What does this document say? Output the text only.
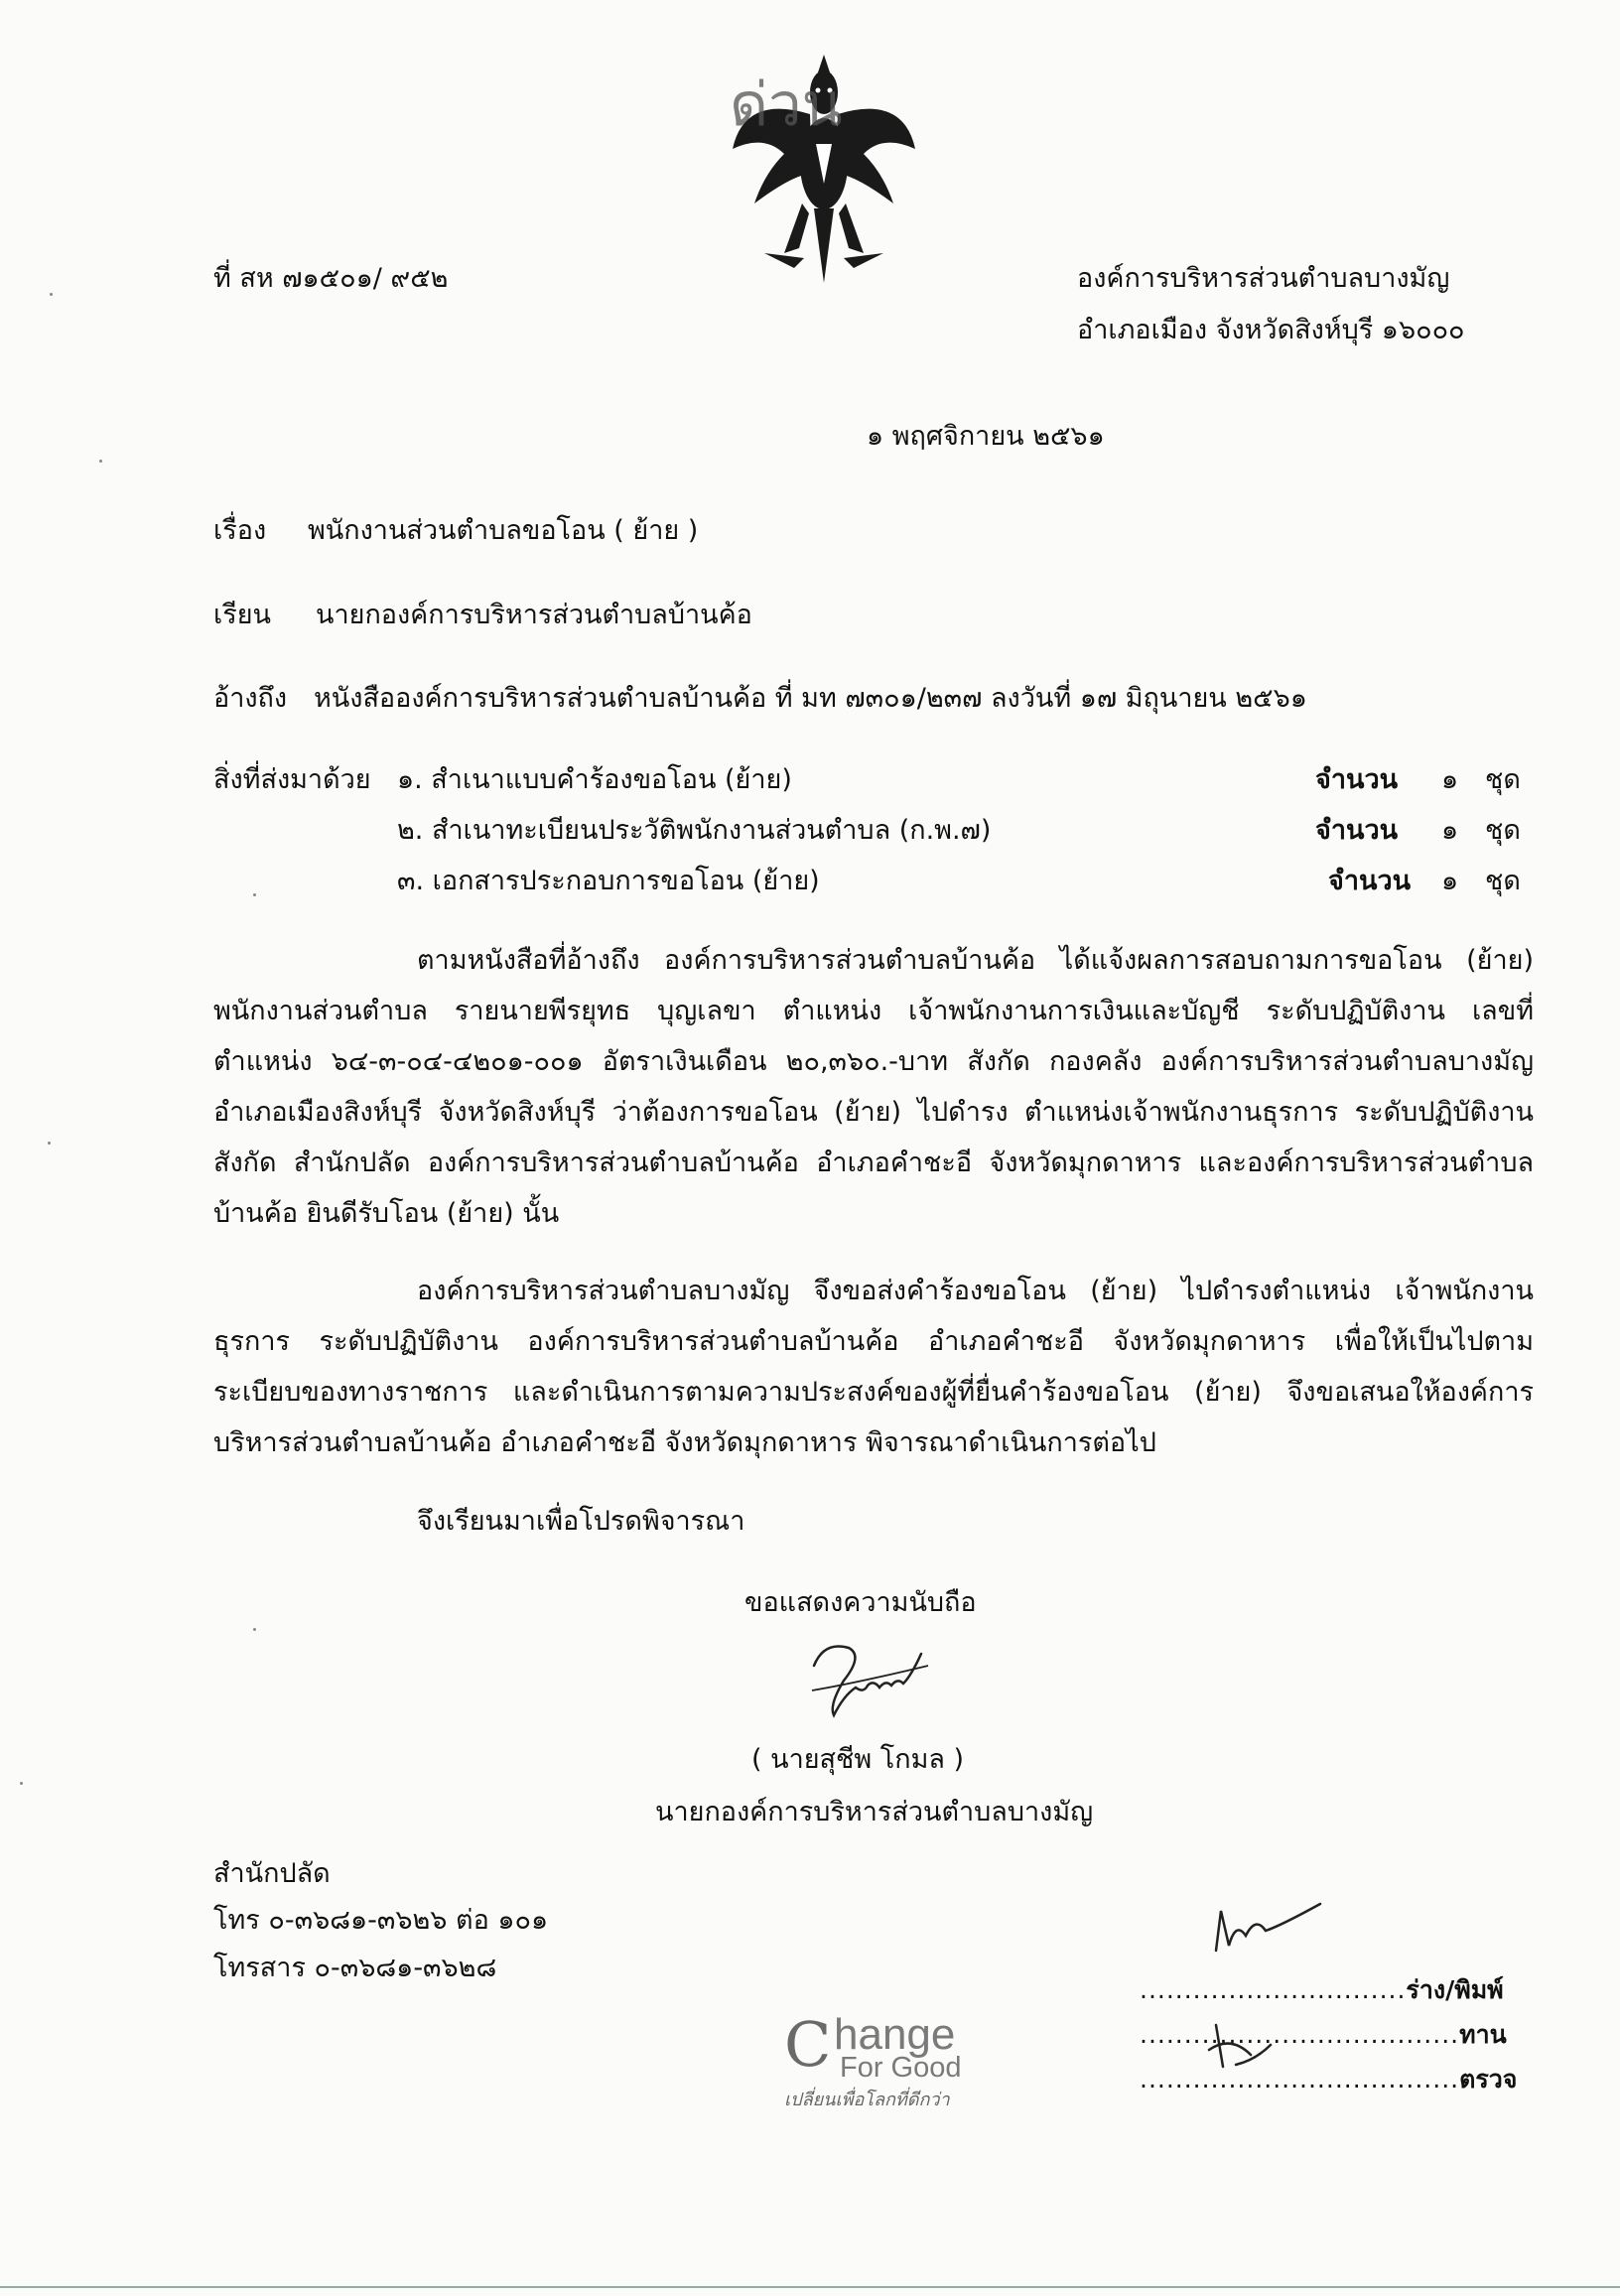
ด่วน
ที่ สห ๗๑๕๐๑/ ๙๕๒	องค์การบริหารส่วนตำบลบางมัญ
อำเภอเมือง จังหวัดสิงห์บุรี ๑๖๐๐๐
๑ พฤศจิกายน ๒๕๖๑
เรื่อง พนักงานส่วนตำบลขอโอน ( ย้าย )
เรียน นายกองค์การบริหารส่วนตำบลบ้านค้อ
อ้างถึง หนังสือองค์การบริหารส่วนตำบลบ้านค้อ ที่ มท ๗๓๐๑/๒๓๗ ลงวันที่ ๑๗ มิถุนายน ๒๕๖๑
สิ่งที่ส่งมาด้วย ๑. สำเนาแบบคำร้องขอโอน (ย้าย)	จำนวน ๑ ชุด
๒. สำเนาทะเบียนประวัติพนักงานส่วนตำบล (ก.พ.๗)	จำนวน ๑ ชุด
๓. เอกสารประกอบการขอโอน (ย้าย)	จำนวน ๑ ชุด
ตามหนังสือที่อ้างถึง องค์การบริหารส่วนตำบลบ้านค้อ ได้แจ้งผลการสอบถามการขอโอน (ย้าย)
พนักงานส่วนตำบล รายนายพีรยุทธ บุญเลขา ตำแหน่ง เจ้าพนักงานการเงินและบัญชี ระดับปฏิบัติงาน เลขที่
ตำแหน่ง ๖๔-๓-๐๔-๔๒๐๑-๐๐๑ อัตราเงินเดือน ๒๐,๓๖๐.-บาท สังกัด กองคลัง องค์การบริหารส่วนตำบลบางมัญ
อำเภอเมืองสิงห์บุรี จังหวัดสิงห์บุรี ว่าต้องการขอโอน (ย้าย) ไปดำรง ตำแหน่งเจ้าพนักงานธุรการ ระดับปฏิบัติงาน
สังกัด สำนักปลัด องค์การบริหารส่วนตำบลบ้านค้อ อำเภอคำชะอี จังหวัดมุกดาหาร และองค์การบริหารส่วนตำบล
บ้านค้อ ยินดีรับโอน (ย้าย) นั้น
องค์การบริหารส่วนตำบลบางมัญ จึงขอส่งคำร้องขอโอน (ย้าย) ไปดำรงตำแหน่ง เจ้าพนักงาน
ธุรการ ระดับปฏิบัติงาน องค์การบริหารส่วนตำบลบ้านค้อ อำเภอคำชะอี จังหวัดมุกดาหาร เพื่อให้เป็นไปตาม
ระเบียบของทางราชการ และดำเนินการตามความประสงค์ของผู้ที่ยื่นคำร้องขอโอน (ย้าย) จึงขอเสนอให้องค์การ
บริหารส่วนตำบลบ้านค้อ อำเภอคำชะอี จังหวัดมุกดาหาร พิจารณาดำเนินการต่อไป
จึงเรียนมาเพื่อโปรดพิจารณา
ขอแสดงความนับถือ
( นายสุชีพ โกมล )
นายกองค์การบริหารส่วนตำบลบางมัญ
สำนักปลัด
โทร ๐-๓๖๘๑-๓๖๒๖ ต่อ ๑๐๑
โทรสาร ๐-๓๖๘๑-๓๖๒๘
..............................ร่าง/พิมพ์
....................................ทาน
....................................ตรวจ
C hange
For Good
เปลี่ยนเพื่อโลกที่ดีกว่า
